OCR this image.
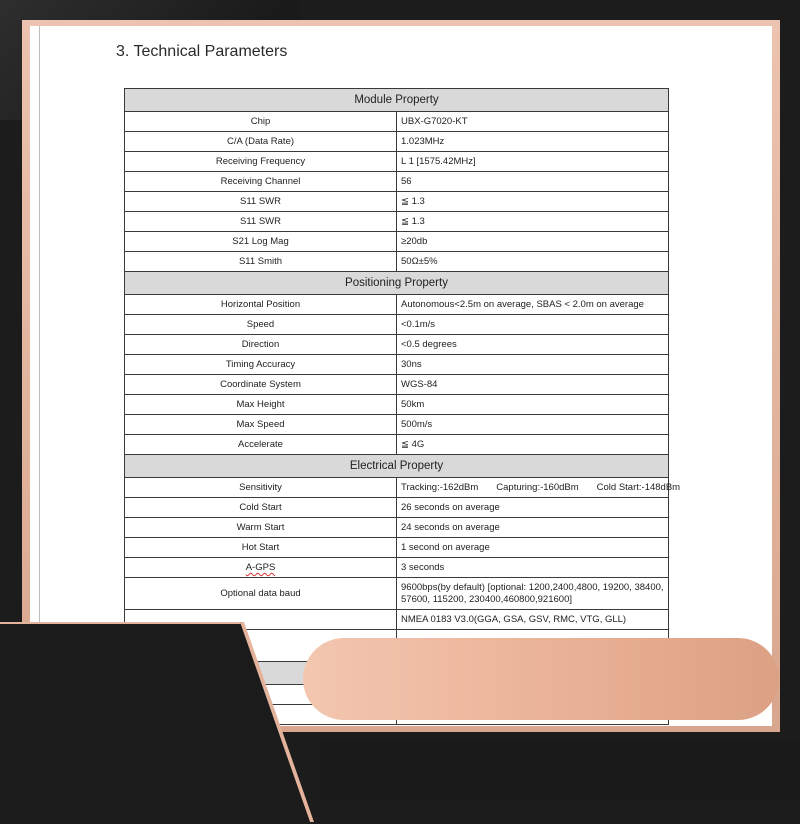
3. Technical Parameters
Module Property	
Chip	UBX-G7020-KT
C/A (Data Rate)	1.023MHz
Receiving Frequency	L 1 [1575.42MHz]
Receiving Channel	56
S11 SWR	≦ 1.3
S11 SWR	≦ 1.3
S21 Log Mag	≥20db
S11 Smith	50Ω±5%
Positioning Property	
Horizontal Position	Autonomous<2.5m on average, SBAS < 2.0m on average
Speed	<0.1m/s
Direction	<0.5 degrees
Timing Accuracy	30ns
Coordinate System	WGS-84
Max Height	50km
Max Speed	500m/s
Accelerate	≦ 4G
Electrical Property	
Sensitivity	Tracking:-162dBm Capturing:-160dBm Cold Start:-148dBm
Cold Start	26 seconds on average
Warm Start	24 seconds on average
Hot Start	1 second on average
A-GPS	3 seconds
Optional data baud	9600bps(by default) [optional: 1200,2400,4800, 19200, 38400, 57600, 115200, 230400,460800,921600]
	NMEA 0183 V3.0(GGA, GSA, GSV, RMC, VTG, GLL)
